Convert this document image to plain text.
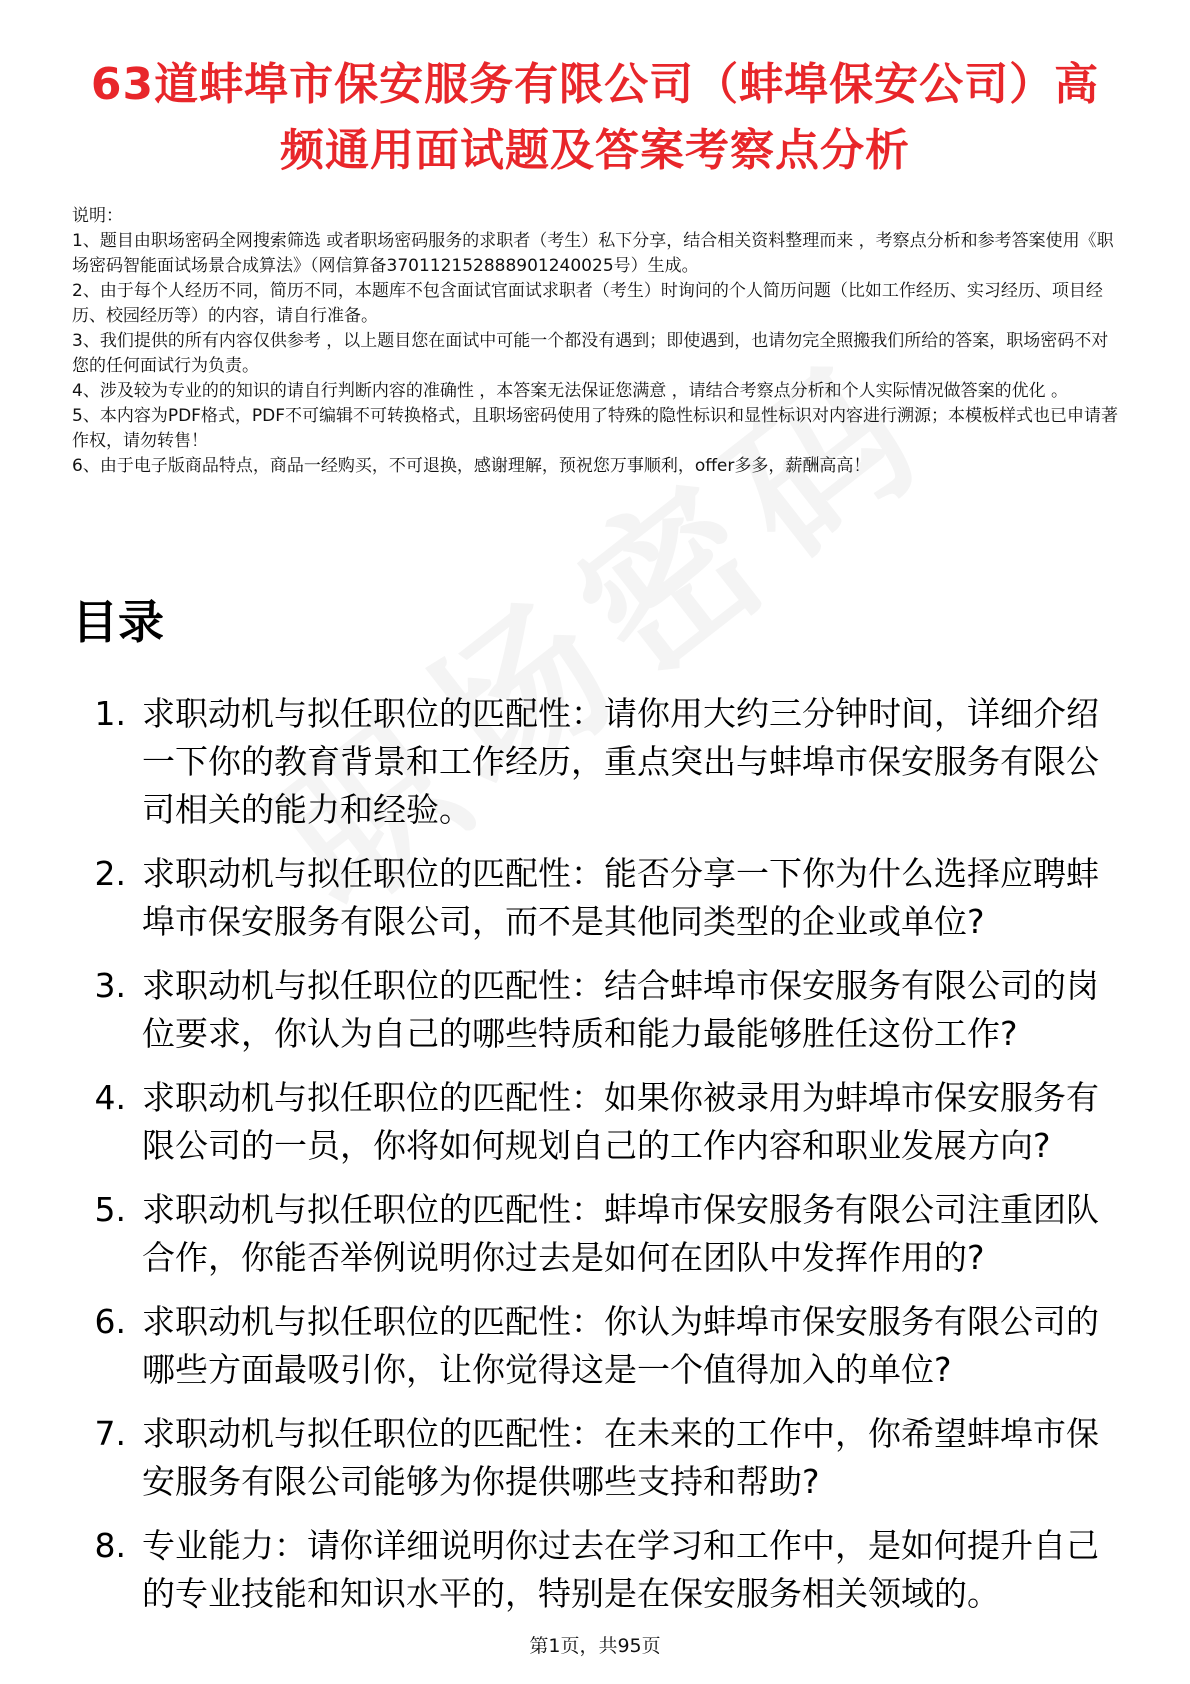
63道蚌埠市保安服务有限公司（蚌埠保安公司）高频通用面试题及答案考察点分析
说明：
1、题目由职场密码全网搜索筛选 或者职场密码服务的求职者（考生）私下分享，结合相关资料整理而来 ，考察点分析和参考答案使用《职场密码智能面试场景合成算法》（网信算备370112152888901240025号）生成。
2、由于每个人经历不同，简历不同，本题库不包含面试官面试求职者（考生）时询问的个人简历问题（比如工作经历、实习经历、项目经历、校园经历等）的内容，请自行准备。
3、我们提供的所有内容仅供参考 ，以上题目您在面试中可能一个都没有遇到；即使遇到，也请勿完全照搬我们所给的答案，职场密码不对您的任何面试行为负责。
4、涉及较为专业的的知识的请自行判断内容的准确性 ，本答案无法保证您满意 ，请结合考察点分析和个人实际情况做答案的优化 。
5、本内容为PDF格式，PDF不可编辑不可转换格式，且职场密码使用了特殊的隐性标识和显性标识对内容进行溯源；本模板样式也已申请著作权，请勿转售！
6、由于电子版商品特点，商品一经购买，不可退换，感谢理解，预祝您万事顺利，offer多多，薪酬高高！
目录
1. 求职动机与拟任职位的匹配性：请你用大约三分钟时间，详细介绍一下你的教育背景和工作经历，重点突出与蚌埠市保安服务有限公司相关的能力和经验。
2. 求职动机与拟任职位的匹配性：能否分享一下你为什么选择应聘蚌埠市保安服务有限公司，而不是其他同类型的企业或单位?
3. 求职动机与拟任职位的匹配性：结合蚌埠市保安服务有限公司的岗位要求，你认为自己的哪些特质和能力最能够胜任这份工作?
4. 求职动机与拟任职位的匹配性：如果你被录用为蚌埠市保安服务有限公司的一员，你将如何规划自己的工作内容和职业发展方向?
5. 求职动机与拟任职位的匹配性：蚌埠市保安服务有限公司注重团队合作，你能否举例说明你过去是如何在团队中发挥作用的?
6. 求职动机与拟任职位的匹配性：你认为蚌埠市保安服务有限公司的哪些方面最吸引你，让你觉得这是一个值得加入的单位?
7. 求职动机与拟任职位的匹配性：在未来的工作中，你希望蚌埠市保安服务有限公司能够为你提供哪些支持和帮助?
8. 专业能力：请你详细说明你过去在学习和工作中，是如何提升自己的专业技能和知识水平的，特别是在保安服务相关领域的。
第1页，共95页
